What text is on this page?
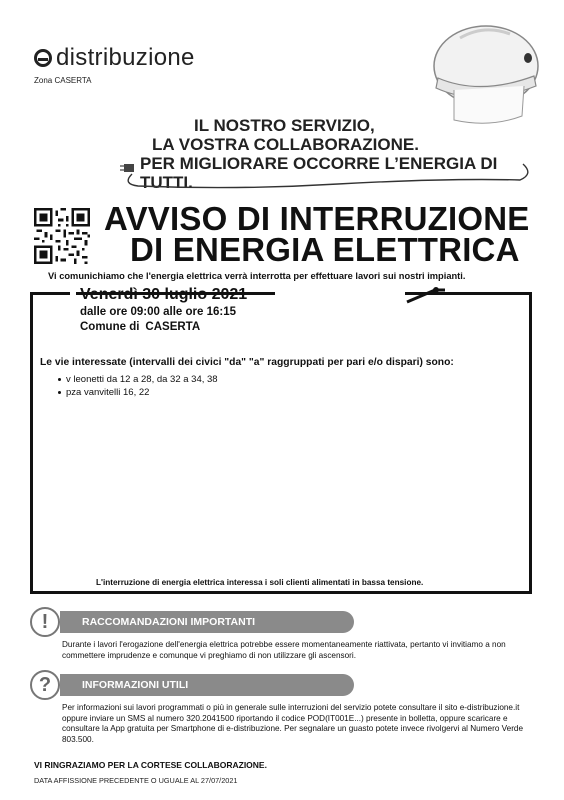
distribuzione
Zona CASERTA
IL NOSTRO SERVIZIO,
LA VOSTRA COLLABORAZIONE.
PER MIGLIORARE OCCORRE L’ENERGIA DI TUTTI.
AVVISO DI INTERRUZIONE
DI ENERGIA ELETTRICA
Vi comunichiamo che l'energia elettrica verrà interrotta per effettuare lavori sui nostri impianti.
Venerdì 30 luglio 2021
dalle ore 09:00 alle ore 16:15
Comune di CASERTA
Le vie interessate (intervalli dei civici "da" "a" raggruppati per pari e/o dispari) sono:
v leonetti da 12 a 28, da 32 a 34, 38
pza vanvitelli 16, 22
L'interruzione di energia elettrica interessa i soli clienti alimentati in bassa tensione.
RACCOMANDAZIONI IMPORTANTI
!
Durante i lavori l'erogazione dell'energia elettrica potrebbe essere momentaneamente riattivata, pertanto vi invitiamo a non commettere imprudenze e comunque vi preghiamo di non utilizzare gli ascensori.
INFORMAZIONI UTILI
?
Per informazioni sui lavori programmati o più in generale sulle interruzioni del servizio potete consultare il sito e-distribuzione.it oppure inviare un SMS al numero 320.2041500 riportando il codice POD(IT001E...) presente in bolletta, oppure scaricare e consultare la App gratuita per Smartphone di e-distribuzione. Per segnalare un guasto potete invece rivolgervi al Numero Verde 803.500.
VI RINGRAZIAMO PER LA CORTESE COLLABORAZIONE.
DATA AFFISSIONE PRECEDENTE O UGUALE AL 27/07/2021
